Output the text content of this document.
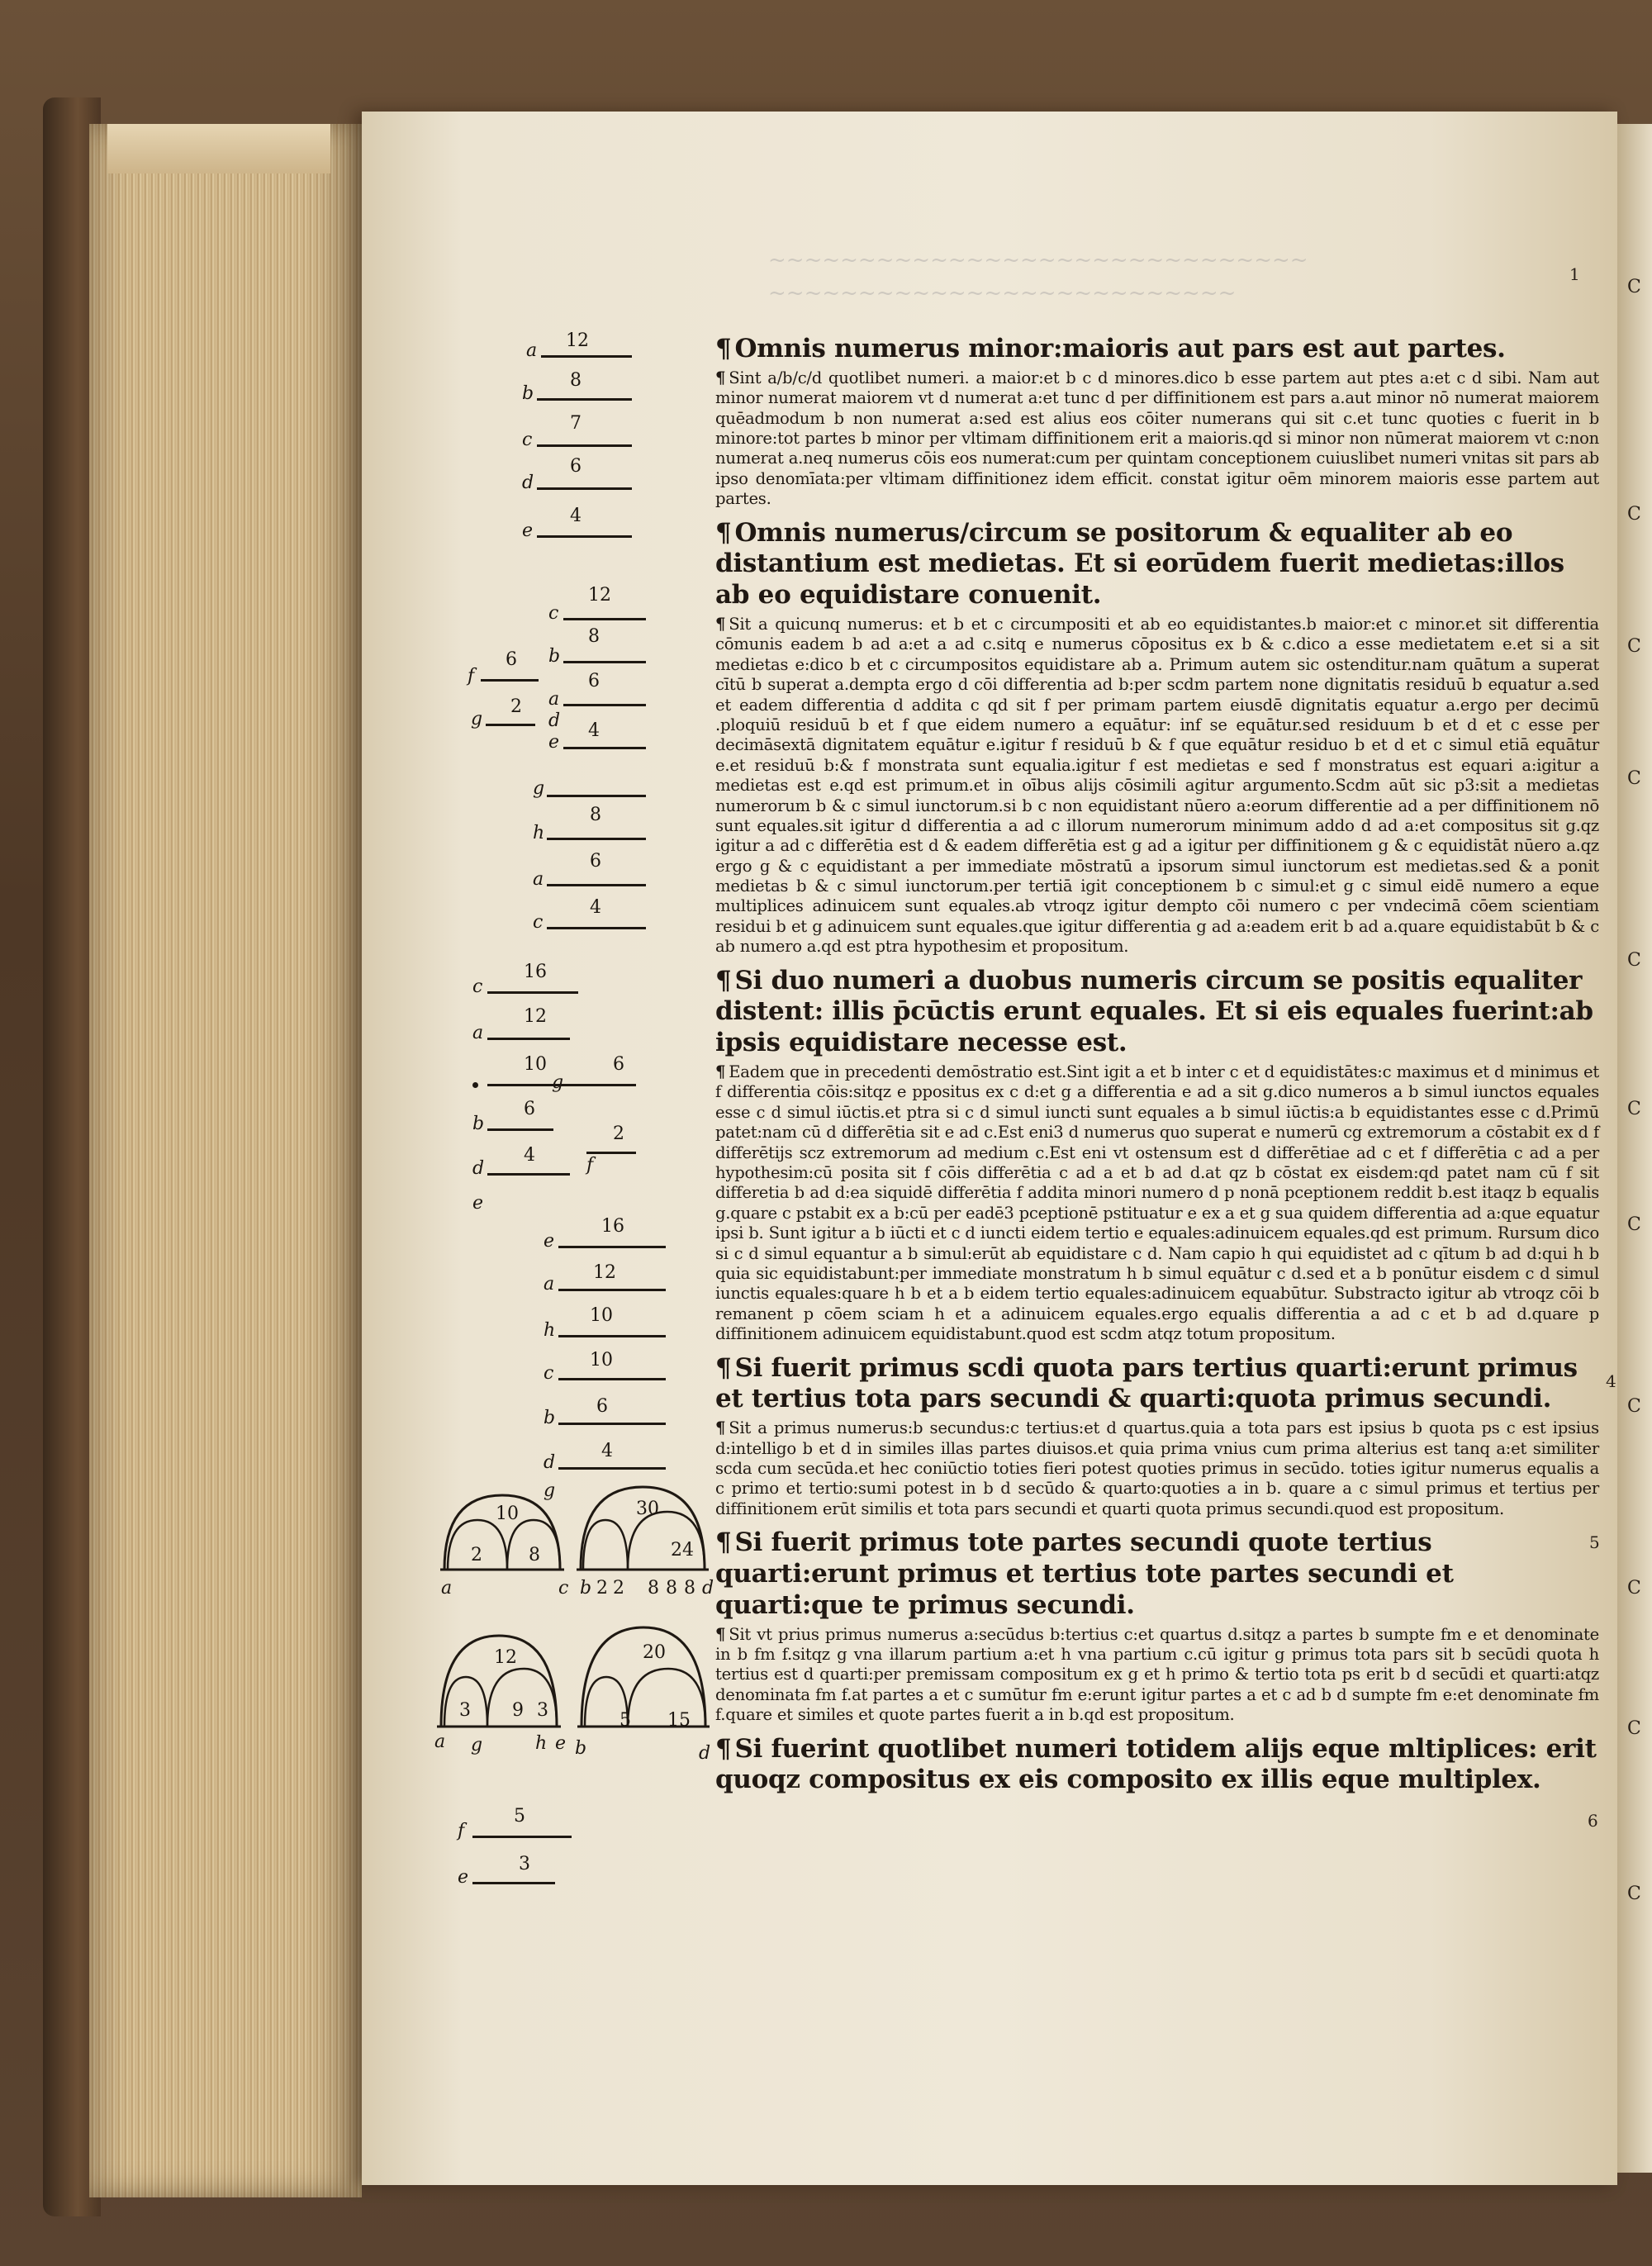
C
C
C
C
C
C
C
C
C
C
C
~~~~~~~~~~~~~~~~~~~~~~~~~~~~~~
~~~~~~~~~~~~~~~~~~~~~~~~~~
1
12
a
8
b
7
c
6
d
4
e
12
c
8
b
6
a
4
e
6
f
2
g	d
g
8
h
6
a
4
c
16
c
12
a
10
g
6
6
b
4
d
2
f
e
16
e
12
a
10
h
10
c
6
b
4
d
g
10	30
2	8	24
a	c b 2 2 8 8 8 d
12	20
3 9 3	5 15
a g	h e b	d
5
f
3
e

¶ Omnis numerus minor:maioris aut pars est aut partes.

¶ Sint a/b/c/d quotlibet numeri. a maior:et b c d minores.dico b esse partem aut ptes a:et c d sibi. Nam aut minor numerat maiorem vt d numerat a:et tunc d per diffinitionem est pars a.aut minor nō numerat maiorem quēadmodum b non numerat a:sed est alius eos cōiter numerans qui sit c.et tunc quoties c fuerit in b minore:tot partes b minor per vltimam diffinitionem erit a maioris.qd si minor non nūmerat maiorem vt c:non numerat a.neq numerus cōis eos numerat:cum per quintam conceptionem cuiuslibet numeri vnitas sit pars ab ipso denomīata:per vltimam diffinitionez idem efficit. constat igitur oēm minorem maioris esse partem aut partes.

¶ Omnis numerus/circum se positorum & equaliter ab eo distantium est medietas. Et si eorūdem fuerit medietas:illos ab eo equidistare conuenit.

¶ Sit a quicunq numerus: et b et c circumpositi et ab eo equidistantes.b maior:et c minor.et sit differentia cōmunis eadem b ad a:et a ad c.sitq e numerus cōpositus ex b & c.dico a esse medietatem e.et si a sit medietas e:dico b et c circumpositos equidistare ab a. Primum autem sic ostenditur.nam quātum a superat cītū b superat a.dempta ergo d cōi differentia ad b:per scdm partem none dignitatis residuū b equatur a.sed et eadem differentia d addita c qd sit f per primam partem eiusdē dignitatis equatur a.ergo per decimū .ploquiū residuū b et f que eidem numero a equātur: inf se equātur.sed residuum b et d et c esse per decimāsextā dignitatem equātur e.igitur f residuū b & f que equātur residuo b et d et c simul etiā equātur e.et residuū b:& f monstrata sunt equalia.igitur f est medietas e sed f monstratus est equari a:igitur a medietas est e.qd est primum.et in oībus alijs cōsimili agitur argumento.Scdm aūt sic p3:sit a medietas numerorum b & c simul iunctorum.si b c non equidistant nūero a:eorum differentie ad a per diffinitionem nō sunt equales.sit igitur d differentia a ad c illorum numerorum minimum addo d ad a:et compositus sit g.qz igitur a ad c differētia est d & eadem differētia est g ad a igitur per diffinitionem g & c equidistāt nūero a.qz ergo g & c equidistant a per immediate mōstratū a ipsorum simul iunctorum est medietas.sed & a ponit medietas b & c simul iunctorum.per tertiā igit conceptionem b c simul:et g c simul eidē numero a eque multiplices adinuicem sunt equales.ab vtroqz igitur dempto cōi numero c per vndecimā cōem scientiam residui b et g adinuicem sunt equales.que igitur differentia g ad a:eadem erit b ad a.quare equidistabūt b & c ab numero a.qd est ptra hypothesim et propositum.

¶ Si duo numeri a duobus numeris circum se positis equaliter distent: illis p̄cūctis erunt equales. Et si eis equales fuerint:ab ipsis equidistare necesse est.

¶ Eadem que in precedenti demōstratio est.Sint igit a et b inter c et d equidistātes:c maximus et d minimus et f differentia cōis:sitqz e ppositus ex c d:et g a differentia e ad a sit g.dico numeros a b simul iunctos equales esse c d simul iūctis.et ptra si c d simul iuncti sunt equales a b simul iūctis:a b equidistantes esse c d.Primū patet:nam cū d differētia sit e ad c.Est eni3 d numerus quo superat e numerū cg extremorum a cōstabit ex d f differētijs scz extremorum ad medium c.Est eni vt ostensum est d differētiae ad c et f differētia c ad a per hypothesim:cū posita sit f cōis differētia c ad a et b ad d.at qz b cōstat ex eisdem:qd patet nam cū f sit differetia b ad d:ea siquidē differētia f addita minori numero d p nonā pceptionem reddit b.est itaqz b equalis g.quare c pstabit ex a b:cū per eadē3 pceptionē pstituatur e ex a et g sua quidem differentia ad a:que equatur ipsi b. Sunt igitur a b iūcti et c d iuncti eidem tertio e equales:adinuicem equales.qd est primum. Rursum dico si c d simul equantur a b simul:erūt ab equidistare c d. Nam capio h qui equidistet ad c qītum b ad d:qui h b quia sic equidistabunt:per immediate monstratum h b simul equātur c d.sed et a b ponūtur eisdem c d simul iunctis equales:quare h b et a b eidem tertio equales:adinuicem equabūtur. Substracto igitur ab vtroqz cōi b remanent p cōem sciam h et a adinuicem equales.ergo equalis differentia a ad c et b ad d.quare p diffinitionem adinuicem equidistabunt.quod est scdm atqz totum propositum.

¶ Si fuerit primus scdi quota pars tertius quarti:erunt primus et tertius tota pars secundi & quarti:quota primus secundi.

¶ Sit a primus numerus:b secundus:c tertius:et d quartus.quia a tota pars est ipsius b quota ps c est ipsius d:intelligo b et d in similes illas partes diuisos.et quia prima vnius cum prima alterius est tanq a:et similiter scda cum secūda.et hec coniūctio toties fieri potest quoties primus in secūdo. toties igitur numerus equalis a c primo et tertio:sumi potest in b d secūdo & quarto:quoties a in b. quare a c simul primus et tertius per diffinitionem erūt similis et tota pars secundi et quarti quota primus secundi.quod est propositum.

¶ Si fuerit primus tote partes secundi quote tertius quarti:erunt primus et tertius tote partes secundi et quarti:que te primus secundi.

¶ Sit vt prius primus numerus a:secūdus b:tertius c:et quartus d.sitqz a partes b sumpte fm e et denominate in b fm f.sitqz g vna illarum partium a:et h vna partium c.cū igitur g primus tota pars sit b secūdi quota h tertius est d quarti:per premissam compositum ex g et h primo & tertio tota ps erit b d secūdi et quarti:atqz denominata fm f.at partes a et c sumūtur fm e:erunt igitur partes a et c ad b d sumpte fm e:et denominate fm f.quare et similes et quote partes fuerit a in b.qd est propositum.

¶ Si fuerint quotlibet numeri totidem alijs eque mltiplices: erit quoqz compositus ex eis composito ex illis eque multiplex.

4
5
6
